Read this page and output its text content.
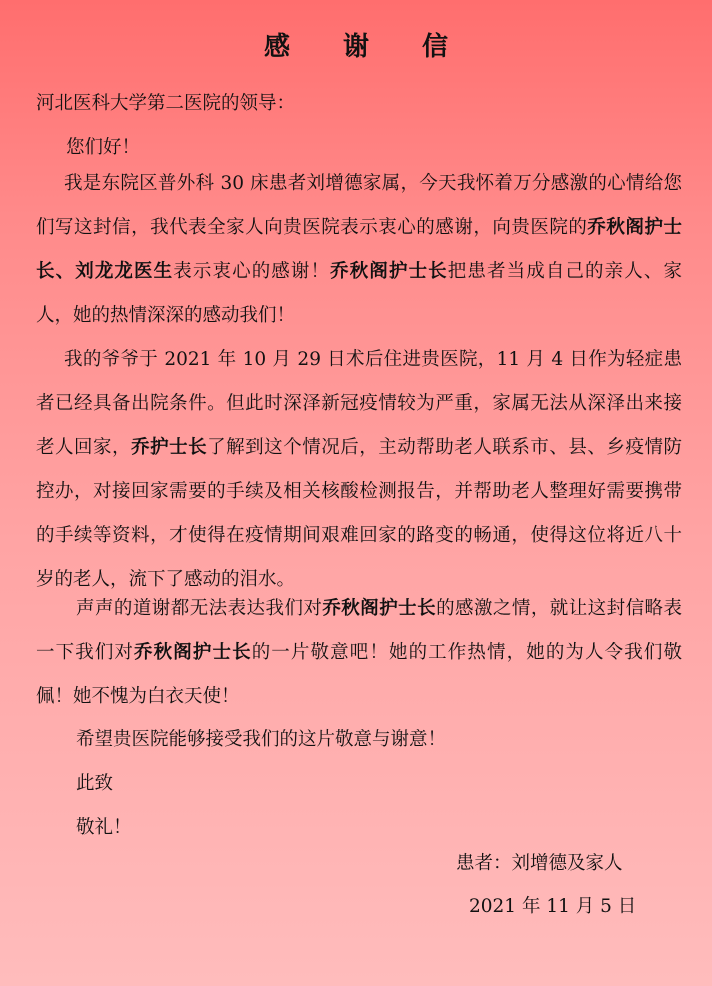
感 谢 信

河北医科大学第二医院的领导：

您们好！

我是东院区普外科 30 床患者刘增德家属，今天我怀着万分感激的心情给您们写这封信，我代表全家人向贵医院表示衷心的感谢，向贵医院的乔秋阁护士长、刘龙龙医生表示衷心的感谢！乔秋阁护士长把患者当成自己的亲人、家人，她的热情深深的感动我们！

我的爷爷于 2021 年 10 月 29 日术后住进贵医院，11 月 4 日作为轻症患者已经具备出院条件。但此时深泽新冠疫情较为严重，家属无法从深泽出来接老人回家，乔护士长了解到这个情况后，主动帮助老人联系市、县、乡疫情防控办，对接回家需要的手续及相关核酸检测报告，并帮助老人整理好需要携带的手续等资料，才使得在疫情期间艰难回家的路变的畅通，使得这位将近八十岁的老人，流下了感动的泪水。

声声的道谢都无法表达我们对乔秋阁护士长的感激之情，就让这封信略表一下我们对乔秋阁护士长的一片敬意吧！她的工作热情，她的为人令我们敬佩！她不愧为白衣天使！

希望贵医院能够接受我们的这片敬意与谢意！

此致

敬礼！

患者：刘增德及家人

2021 年 11 月 5 日
